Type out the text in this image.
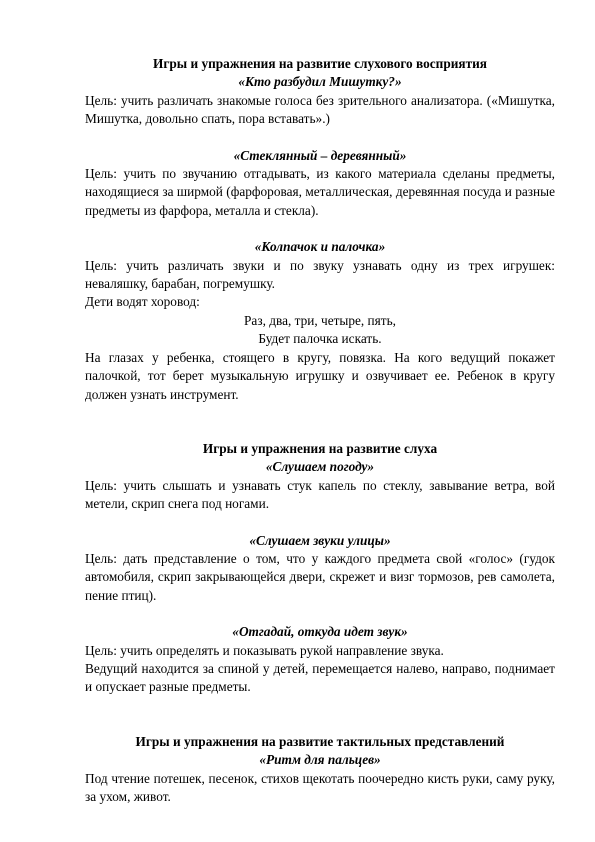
Игры и упражнения на развитие слухового восприятия

«Кто разбудил Мишутку?»

Цель: учить различать знакомые голоса без зрительного анализатора. («Мишутка, Мишутка, довольно спать, пора вставать».)

«Стеклянный – деревянный»

Цель: учить по звучанию отгадывать, из какого материала сделаны предметы, находящиеся за ширмой (фарфоровая, металлическая, деревянная посуда и разные предметы из фарфора, металла и стекла).

«Колпачок и палочка»

Цель: учить различать звуки и по звуку узнавать одну из трех игрушек: неваляшку, барабан, погремушку.

Дети водят хоровод:

Раз, два, три, четыре, пять,

Будет палочка искать.

На глазах у ребенка, стоящего в кругу, повязка. На кого ведущий покажет палочкой, тот берет музыкальную игрушку и озвучивает ее. Ребенок в кругу должен узнать инструмент.

Игры и упражнения на развитие слуха

«Слушаем погоду»

Цель: учить слышать и узнавать стук капель по стеклу, завывание ветра, вой метели, скрип снега под ногами.

«Слушаем звуки улицы»

Цель: дать представление о том, что у каждого предмета свой «голос» (гудок автомобиля, скрип закрывающейся двери, скрежет и визг тормозов, рев самолета, пение птиц).

«Отгадай, откуда идет звук»

Цель: учить определять и показывать рукой направление звука.

Ведущий находится за спиной у детей, перемещается налево, направо, поднимает и опускает разные предметы.

Игры и упражнения на развитие тактильных представлений

«Ритм для пальцев»

Под чтение потешек, песенок, стихов щекотать поочередно кисть руки, саму руку, за ухом, живот.
